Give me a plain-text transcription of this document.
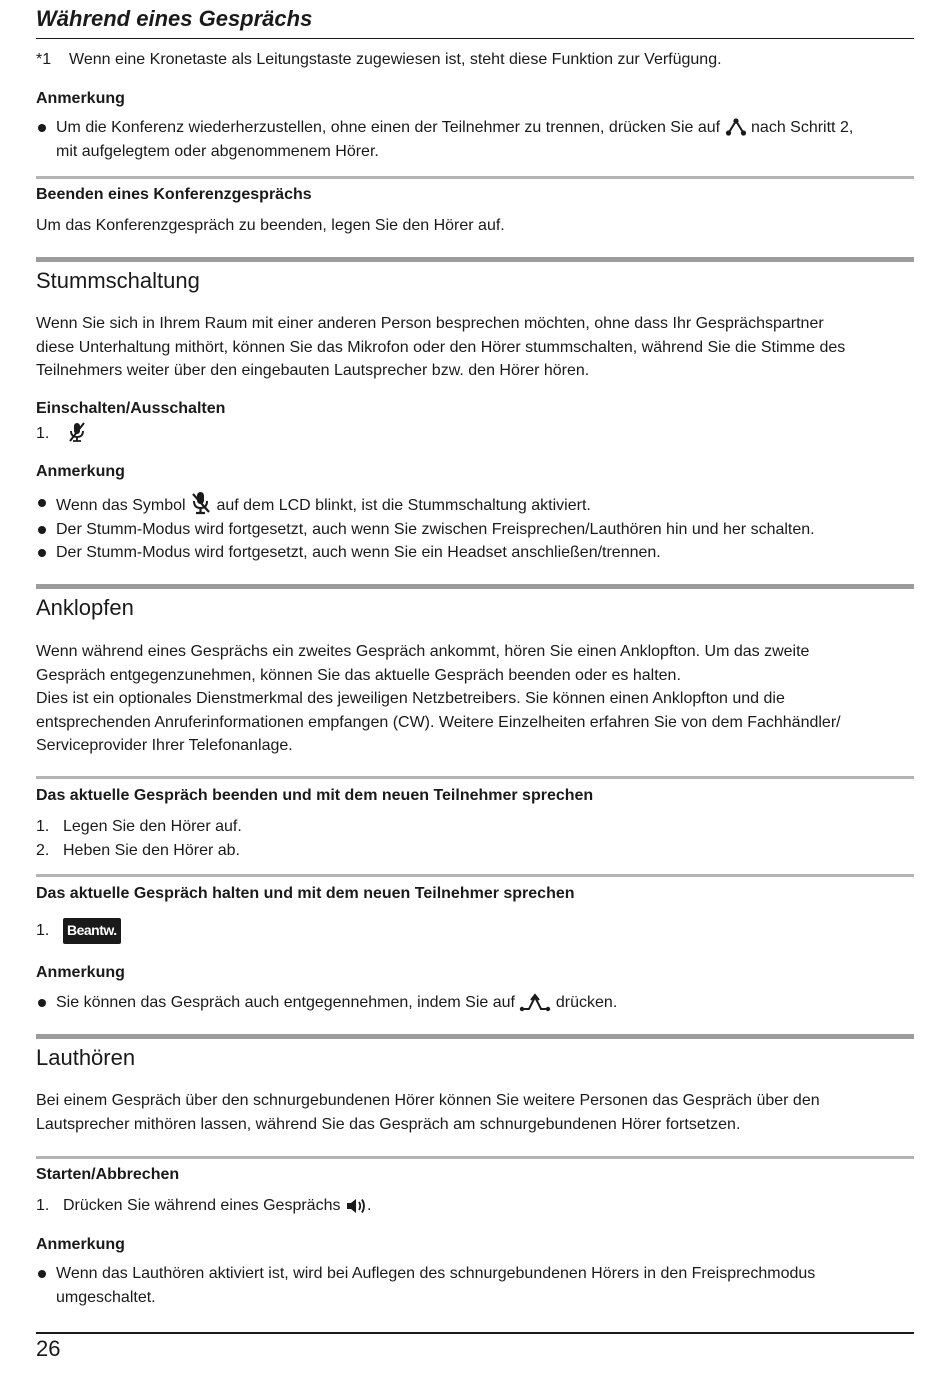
Während eines Gesprächs
*1 Wenn eine Kronetaste als Leitungstaste zugewiesen ist, steht diese Funktion zur Verfügung.
Anmerkung
Um die Konferenz wiederherzustellen, ohne einen der Teilnehmer zu trennen, drücken Sie auf nach Schritt 2,
mit aufgelegtem oder abgenommenem Hörer.
Beenden eines Konferenzgesprächs
Um das Konferenzgespräch zu beenden, legen Sie den Hörer auf.
Stummschaltung
Wenn Sie sich in Ihrem Raum mit einer anderen Person besprechen möchten, ohne dass Ihr Gesprächspartner
diese Unterhaltung mithört, können Sie das Mikrofon oder den Hörer stummschalten, während Sie die Stimme des
Teilnehmers weiter über den eingebauten Lautsprecher bzw. den Hörer hören.
Einschalten/Ausschalten
1.
Anmerkung
Wenn das Symbol auf dem LCD blinkt, ist die Stummschaltung aktiviert.
Der Stumm-Modus wird fortgesetzt, auch wenn Sie zwischen Freisprechen/Lauthören hin und her schalten.
Der Stumm-Modus wird fortgesetzt, auch wenn Sie ein Headset anschließen/trennen.
Anklopfen
Wenn während eines Gesprächs ein zweites Gespräch ankommt, hören Sie einen Anklopfton. Um das zweite
Gespräch entgegenzunehmen, können Sie das aktuelle Gespräch beenden oder es halten.
Dies ist ein optionales Dienstmerkmal des jeweiligen Netzbetreibers. Sie können einen Anklopfton und die
entsprechenden Anruferinformationen empfangen (CW). Weitere Einzelheiten erfahren Sie von dem Fachhändler/
Serviceprovider Ihrer Telefonanlage.
Das aktuelle Gespräch beenden und mit dem neuen Teilnehmer sprechen
1. Legen Sie den Hörer auf.
2. Heben Sie den Hörer ab.
Das aktuelle Gespräch halten und mit dem neuen Teilnehmer sprechen
1. Beantw.
Anmerkung
Sie können das Gespräch auch entgegennehmen, indem Sie auf	drücken.
Lauthören
Bei einem Gespräch über den schnurgebundenen Hörer können Sie weitere Personen das Gespräch über den
Lautsprecher mithören lassen, während Sie das Gespräch am schnurgebundenen Hörer fortsetzen.
Starten/Abbrechen
1. Drücken Sie während eines Gesprächs .
Anmerkung
Wenn das Lauthören aktiviert ist, wird bei Auflegen des schnurgebundenen Hörers in den Freisprechmodus
umgeschaltet.
26
